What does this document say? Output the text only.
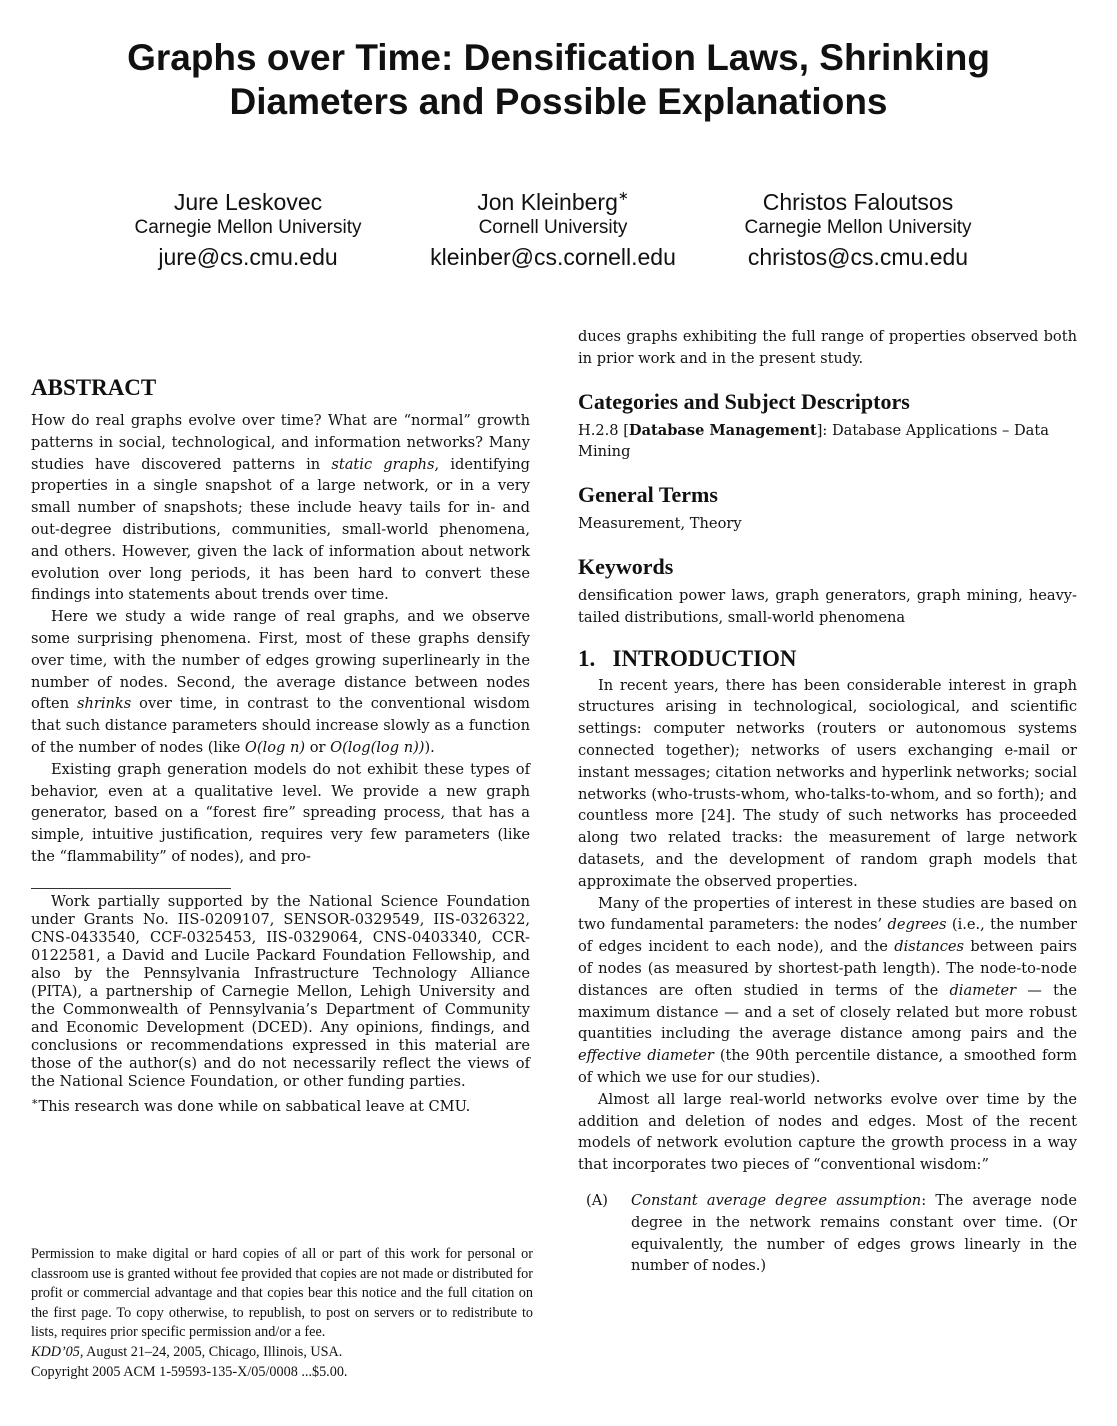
Graphs over Time: Densification Laws, Shrinking
Diameters and Possible Explanations
Jure Leskovec
Carnegie Mellon University
jure@cs.cmu.edu
Jon Kleinberg∗
Cornell University
kleinber@cs.cornell.edu
Christos Faloutsos
Carnegie Mellon University
christos@cs.cmu.edu
ABSTRACT

How do real graphs evolve over time? What are “normal” growth patterns in social, technological, and information networks? Many studies have discovered patterns in static graphs, identifying properties in a single snapshot of a large network, or in a very small number of snapshots; these include heavy tails for in- and out-degree distributions, communities, small-world phenomena, and others. However, given the lack of information about network evolution over long periods, it has been hard to convert these findings into statements about trends over time.

Here we study a wide range of real graphs, and we observe some surprising phenomena. First, most of these graphs densify over time, with the number of edges growing superlinearly in the number of nodes. Second, the average distance between nodes often shrinks over time, in contrast to the conventional wisdom that such distance parameters should increase slowly as a function of the number of nodes (like O(log n) or O(log(log n))).

Existing graph generation models do not exhibit these types of behavior, even at a qualitative level. We provide a new graph generator, based on a “forest fire” spreading process, that has a simple, intuitive justification, requires very few parameters (like the “flammability” of nodes), and pro-

Work partially supported by the National Science Foundation under Grants No. IIS-0209107, SENSOR-0329549, IIS-0326322, CNS-0433540, CCF-0325453, IIS-0329064, CNS-0403340, CCR-0122581, a David and Lucile Packard Foundation Fellowship, and also by the Pennsylvania Infrastructure Technology Alliance (PITA), a partnership of Carnegie Mellon, Lehigh University and the Commonwealth of Pennsylvania’s Department of Community and Economic Development (DCED). Any opinions, findings, and conclusions or recommendations expressed in this material are those of the author(s) and do not necessarily reflect the views of the National Science Foundation, or other funding parties.

∗This research was done while on sabbatical leave at CMU.

Permission to make digital or hard copies of all or part of this work for personal or classroom use is granted without fee provided that copies are not made or distributed for profit or commercial advantage and that copies bear this notice and the full citation on the first page. To copy otherwise, to republish, to post on servers or to redistribute to lists, requires prior specific permission and/or a fee.

KDD’05, August 21–24, 2005, Chicago, Illinois, USA.

Copyright 2005 ACM 1-59593-135-X/05/0008 ...$5.00.

duces graphs exhibiting the full range of properties observed both in prior work and in the present study.

Categories and Subject Descriptors

H.2.8 [Database Management]: Database Applications – Data Mining

General Terms

Measurement, Theory

Keywords

densification power laws, graph generators, graph mining, heavy-tailed distributions, small-world phenomena

1.   INTRODUCTION

In recent years, there has been considerable interest in graph structures arising in technological, sociological, and scientific settings: computer networks (routers or autonomous systems connected together); networks of users exchanging e-mail or instant messages; citation networks and hyperlink networks; social networks (who-trusts-whom, who-talks-to-whom, and so forth); and countless more [24]. The study of such networks has proceeded along two related tracks: the measurement of large network datasets, and the development of random graph models that approximate the observed properties.

Many of the properties of interest in these studies are based on two fundamental parameters: the nodes’ degrees (i.e., the number of edges incident to each node), and the distances between pairs of nodes (as measured by shortest-path length). The node-to-node distances are often studied in terms of the diameter — the maximum distance — and a set of closely related but more robust quantities including the average distance among pairs and the effective diameter (the 90th percentile distance, a smoothed form of which we use for our studies).

Almost all large real-world networks evolve over time by the addition and deletion of nodes and edges. Most of the recent models of network evolution capture the growth process in a way that incorporates two pieces of “conventional wisdom:”

(A)	Constant average degree assumption: The average node degree in the network remains constant over time. (Or equivalently, the number of edges grows linearly in the number of nodes.)
